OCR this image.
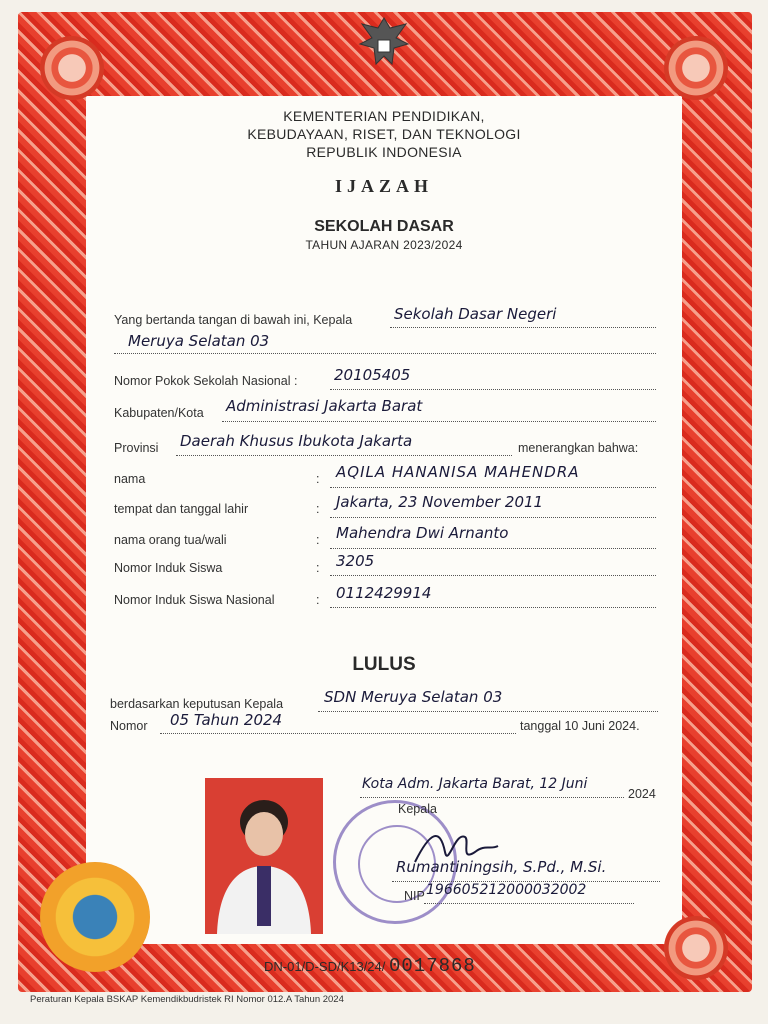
KEMENTERIAN PENDIDIKAN,
KEBUDAYAAN, RISET, DAN TEKNOLOGI
REPUBLIK INDONESIA
IJAZAH
SEKOLAH DASAR
TAHUN AJARAN 2023/2024
Yang bertanda tangan di bawah ini, Kepala	Sekolah Dasar Negeri
Meruya Selatan 03
Nomor Pokok Sekolah Nasional : 20105405
Kabupaten/Kota Administrasi Jakarta Barat
Provinsi Daerah Khusus Ibukota Jakarta	menerangkan bahwa:
nama	: AQILA HANANISA MAHENDRA
tempat dan tanggal lahir	: Jakarta, 23 November 2011
nama orang tua/wali	: Mahendra Dwi Arnanto
Nomor Induk Siswa	: 3205
Nomor Induk Siswa Nasional	: 0112429914
LULUS
berdasarkan keputusan Kepala	SDN Meruya Selatan 03
Nomor 05 Tahun 2024	tanggal 10 Juni 2024.
Kota Adm. Jakarta Barat, 12 Juni
2024
Kepala
Rumantiningsih, S.Pd., M.Si.
NIP 196605212000032002
DN-01/D-SD/K13/24/ 0017868
Peraturan Kepala BSKAP Kemendikbudristek RI Nomor 012.A Tahun 2024
